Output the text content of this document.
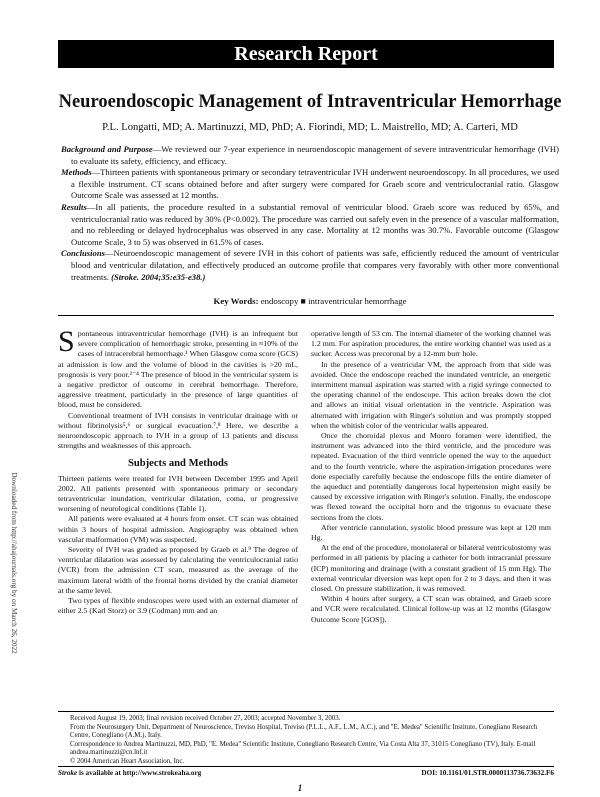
Research Report
Neuroendoscopic Management of Intraventricular Hemorrhage
P.L. Longatti, MD; A. Martinuzzi, MD, PhD; A. Fiorindi, MD; L. Maistrello, MD; A. Carteri, MD

Background and Purpose—We reviewed our 7-year experience in neuroendoscopic management of severe intraventricular hemorrhage (IVH) to evaluate its safety, efficiency, and efficacy.

Methods—Thirteen patients with spontaneous primary or secondary tetraventricular IVH underwent neuroendoscopy. In all procedures, we used a flexible instrument. CT scans obtained before and after surgery were compared for Graeb score and ventriculocranial ratio. Glasgow Outcome Scale was assessed at 12 months.

Results—In all patients, the procedure resulted in a substantial removal of ventricular blood. Graeb score was reduced by 65%, and ventriculocranial ratio was reduced by 30% (P<0.002). The procedure was carried out safely even in the presence of a vascular malformation, and no rebleeding or delayed hydrocephalus was observed in any case. Mortality at 12 months was 30.7%. Favorable outcome (Glasgow Outcome Scale, 3 to 5) was observed in 61.5% of cases.

Conclusions—Neuroendoscopic management of severe IVH in this cohort of patients was safe, efficiently reduced the amount of ventricular blood and ventricular dilatation, and effectively produced an outcome profile that compares very favorably with other more conventional treatments. (Stroke. 2004;35:e35-e38.)

Key Words: endoscopy ■ intraventricular hemorrhage
Downloaded from http://ahajournals.org by on March 26, 2022

Spontaneous intraventricular hemorrhage (IVH) is an infrequent but severe complication of hemorrhagic stroke, presenting in ≈10% of the cases of intracerebral hemorrhage.¹ When Glasgow coma score (GCS) at admission is low and the volume of blood in the cavities is >20 mL, prognosis is very poor.²⁻⁴ The presence of blood in the ventricular system is a negative predictor of outcome in cerebral hemorrhage. Therefore, aggressive treatment, particularly in the presence of large quantities of blood, must be considered.

Conventional treatment of IVH consists in ventricular drainage with or without fibrinolysis⁵,⁶ or surgical evacuation.⁷,⁸ Here, we describe a neuroendoscopic approach to IVH in a group of 13 patients and discuss strengths and weaknesses of this approach.

Subjects and Methods

Thirteen patients were treated for IVH between December 1995 and April 2002. All patients presented with spontaneous primary or secondary tetraventricular inundation, ventricular dilatation, coma, or progressive worsening of neurological conditions (Table 1).

All patients were evaluated at 4 hours from onset. CT scan was obtained within 3 hours of hospital admission. Angiography was obtained when vascular malformation (VM) was suspected.

Severity of IVH was graded as proposed by Graeb et al.⁹ The degree of ventricular dilatation was assessed by calculating the ventriculocranial ratio (VCR) from the admission CT scan, measured as the average of the maximum lateral width of the frontal horns divided by the cranial diameter at the same level.

Two types of flexible endoscopes were used with an external diameter of either 2.5 (Karl Storz) or 3.9 (Codman) mm and an

operative length of 53 cm. The internal diameter of the working channel was 1.2 mm. For aspiration procedures, the entire working channel was used as a sucker. Access was precoronal by a 12-mm burr hole.

In the presence of a ventricular VM, the approach from that side was avoided. Once the endoscope reached the inundated ventricle, an energetic intermittent manual aspiration was started with a rigid syringe connected to the operating channel of the endoscope. This action breaks down the clot and allows an initial visual orientation in the ventricle. Aspiration was alternated with irrigation with Ringer's solution and was promptly stopped when the whitish color of the ventricular walls appeared.

Once the choroidal plexus and Monro foramen were identified, the instrument was advanced into the third ventricle, and the procedure was repeated. Evacuation of the third ventricle opened the way to the aqueduct and to the fourth ventricle, where the aspiration-irrigation procedures were done especially carefully because the endoscope fills the entire diameter of the aqueduct and potentially dangerous local hypertension might easily be caused by excessive irrigation with Ringer's solution. Finally, the endoscope was flexed toward the occipital horn and the trigonus to evacuate these sections from the clots.

After ventricle cannulation, systolic blood pressure was kept at 120 mm Hg.

At the end of the procedure, monolateral or bilateral ventriculostomy was performed in all patients by placing a catheter for both intracranial pressure (ICP) monitoring and drainage (with a constant gradient of 15 mm Hg). The external ventricular diversion was kept open for 2 to 3 days, and then it was closed. On pressure stabilization, it was removed.

Within 4 hours after surgery, a CT scan was obtained, and Graeb score and VCR were recalculated. Clinical follow-up was at 12 months (Glasgow Outcome Score [GOS]).

Received August 19, 2003; final revision received October 27, 2003; accepted November 3, 2003.

From the Neurosurgery Unit, Department of Neuroscience, Treviso Hospital, Treviso (P.L.L., A.F., L.M., A.C.), and "E. Medea" Scientific Institute, Conegliano Research Centre, Conegliano (A.M.), Italy.

Correspondence to Andrea Martinuzzi, MD, PhD, "E. Medea" Scientific Institute, Conegliano Research Centre, Via Costa Alta 37, 31015 Conegliano (TV), Italy. E-mail andrea.martinuzzi@cn.lnf.it

© 2004 American Heart Association, Inc.

Stroke is available at http://www.strokeaha.org	DOI: 10.1161/01.STR.0000113736.73632.F6
1
